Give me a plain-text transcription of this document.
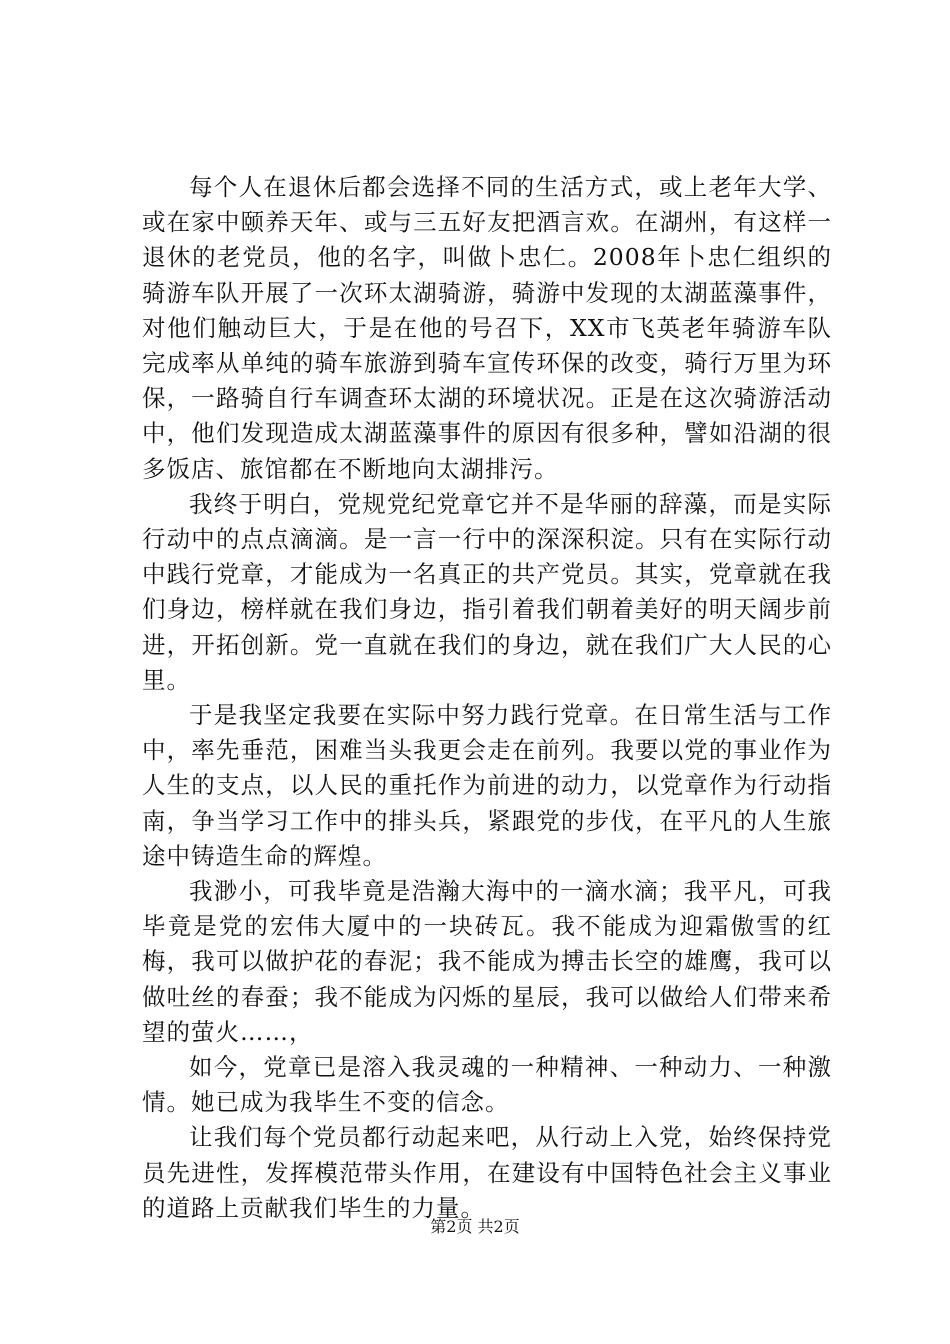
每个人在退休后都会选择不同的生活方式，或上老年大学、或在家中颐养天年、或与三五好友把酒言欢。在湖州，有这样一退休的老党员，他的名字，叫做卜忠仁。2008年卜忠仁组织的骑游车队开展了一次环太湖骑游，骑游中发现的太湖蓝藻事件，对他们触动巨大，于是在他的号召下，XX市飞英老年骑游车队完成率从单纯的骑车旅游到骑车宣传环保的改变，骑行万里为环保，一路骑自行车调查环太湖的环境状况。正是在这次骑游活动中，他们发现造成太湖蓝藻事件的原因有很多种，譬如沿湖的很多饭店、旅馆都在不断地向太湖排污。

我终于明白，党规党纪党章它并不是华丽的辞藻，而是实际行动中的点点滴滴。是一言一行中的深深积淀。只有在实际行动中践行党章，才能成为一名真正的共产党员。其实，党章就在我们身边，榜样就在我们身边，指引着我们朝着美好的明天阔步前进，开拓创新。党一直就在我们的身边，就在我们广大人民的心里。

于是我坚定我要在实际中努力践行党章。在日常生活与工作中，率先垂范，困难当头我更会走在前列。我要以党的事业作为人生的支点，以人民的重托作为前进的动力，以党章作为行动指南，争当学习工作中的排头兵，紧跟党的步伐，在平凡的人生旅途中铸造生命的辉煌。

我渺小，可我毕竟是浩瀚大海中的一滴水滴；我平凡，可我毕竟是党的宏伟大厦中的一块砖瓦。我不能成为迎霜傲雪的红梅，我可以做护花的春泥；我不能成为搏击长空的雄鹰，我可以做吐丝的春蚕；我不能成为闪烁的星辰，我可以做给人们带来希望的萤火……，

如今，党章已是溶入我灵魂的一种精神、一种动力、一种激情。她已成为我毕生不变的信念。

让我们每个党员都行动起来吧，从行动上入党，始终保持党员先进性，发挥模范带头作用，在建设有中国特色社会主义事业的道路上贡献我们毕生的力量。

第2页 共2页
